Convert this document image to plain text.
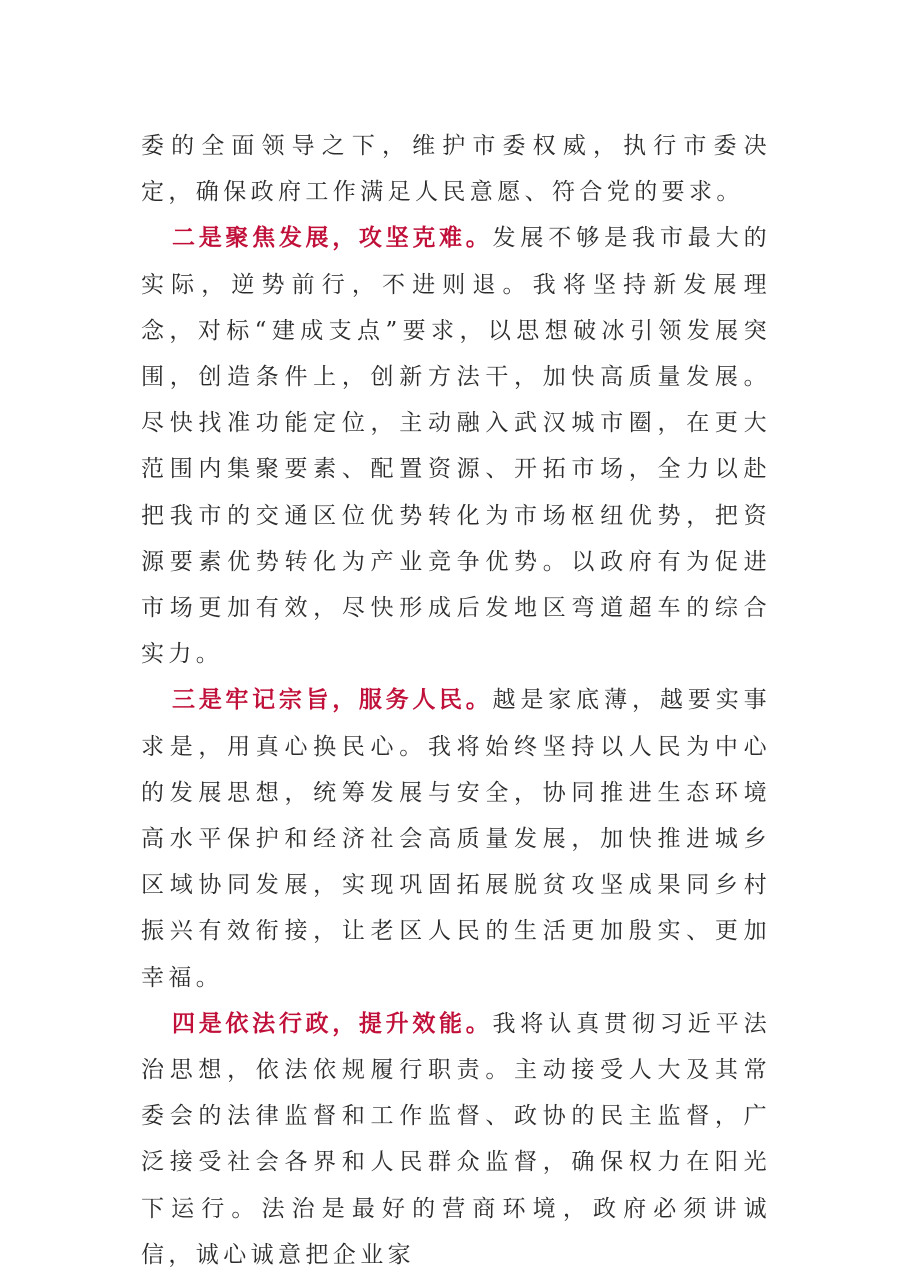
委的全面领导之下，维护市委权威，执行市委决定，确保政府工作满足人民意愿、符合党的要求。

二是聚焦发展，攻坚克难。发展不够是我市最大的实际，逆势前行，不进则退。我将坚持新发展理念，对标“建成支点”要求，以思想破冰引领发展突围，创造条件上，创新方法干，加快高质量发展。尽快找准功能定位，主动融入武汉城市圈，在更大范围内集聚要素、配置资源、开拓市场，全力以赴把我市的交通区位优势转化为市场枢纽优势，把资源要素优势转化为产业竞争优势。以政府有为促进市场更加有效，尽快形成后发地区弯道超车的综合实力。

三是牢记宗旨，服务人民。越是家底薄，越要实事求是，用真心换民心。我将始终坚持以人民为中心的发展思想，统筹发展与安全，协同推进生态环境高水平保护和经济社会高质量发展，加快推进城乡区域协同发展，实现巩固拓展脱贫攻坚成果同乡村振兴有效衔接，让老区人民的生活更加殷实、更加幸福。

四是依法行政，提升效能。我将认真贯彻习近平法治思想，依法依规履行职责。主动接受人大及其常委会的法律监督和工作监督、政协的民主监督，广泛接受社会各界和人民群众监督，确保权力在阳光下运行。法治是最好的营商环境，政府必须讲诚信，诚心诚意把企业家
